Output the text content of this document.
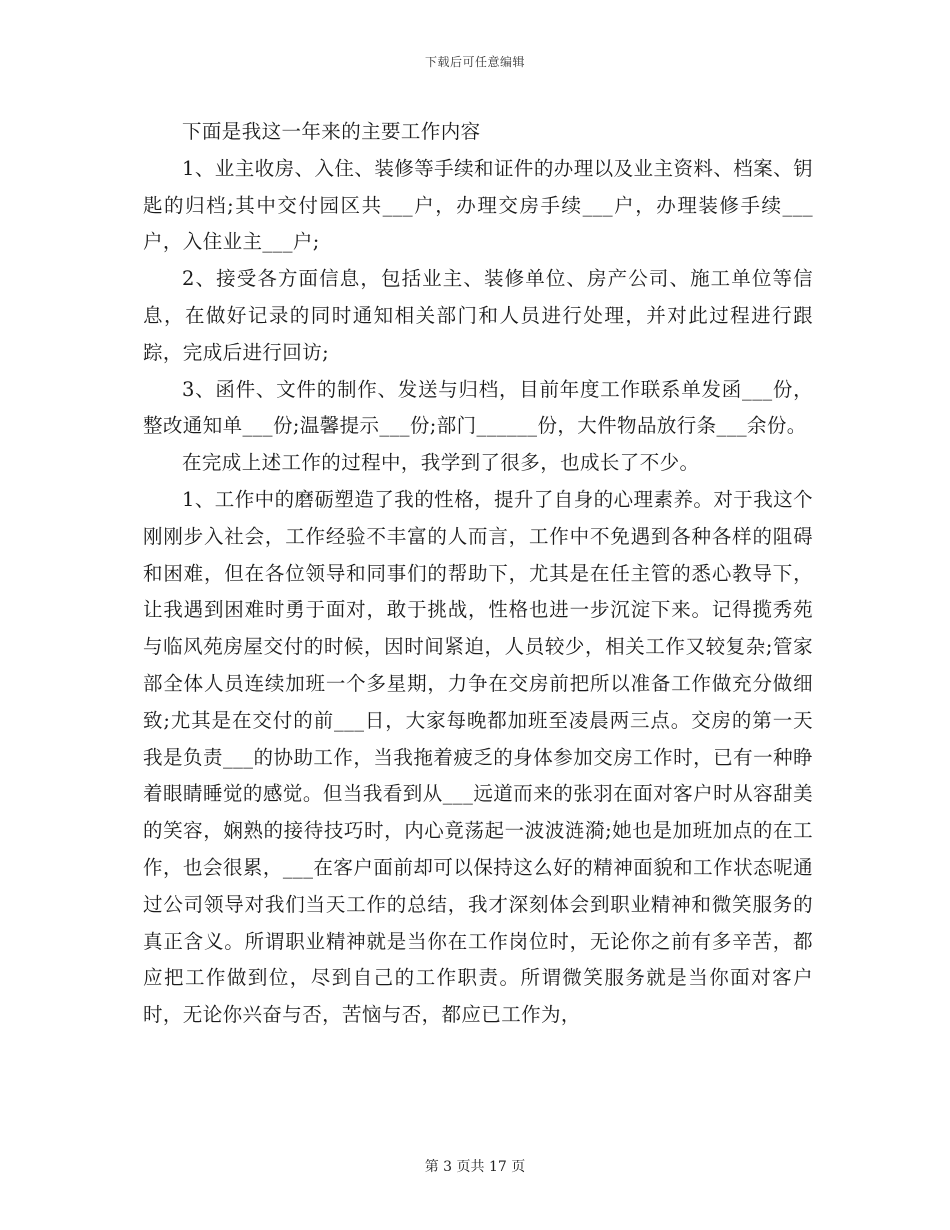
下载后可任意编辑

下面是我这一年来的主要工作内容

1、业主收房、入住、装修等手续和证件的办理以及业主资料、档案、钥匙的归档;其中交付园区共___户，办理交房手续___户，办理装修手续___户，入住业主___户;

2、接受各方面信息，包括业主、装修单位、房产公司、施工单位等信息，在做好记录的同时通知相关部门和人员进行处理，并对此过程进行跟踪，完成后进行回访;

3、函件、文件的制作、发送与归档，目前年度工作联系单发函___份，整改通知单___份;温馨提示___份;部门______份，大件物品放行条___余份。

在完成上述工作的过程中，我学到了很多，也成长了不少。

1、工作中的磨砺塑造了我的性格，提升了自身的心理素养。对于我这个刚刚步入社会，工作经验不丰富的人而言，工作中不免遇到各种各样的阻碍和困难，但在各位领导和同事们的帮助下，尤其是在任主管的悉心教导下，让我遇到困难时勇于面对，敢于挑战，性格也进一步沉淀下来。记得揽秀苑与临风苑房屋交付的时候，因时间紧迫，人员较少，相关工作又较复杂;管家部全体人员连续加班一个多星期，力争在交房前把所以准备工作做充分做细致;尤其是在交付的前___日，大家每晚都加班至凌晨两三点。交房的第一天我是负责___的协助工作，当我拖着疲乏的身体参加交房工作时，已有一种睁着眼睛睡觉的感觉。但当我看到从___远道而来的张羽在面对客户时从容甜美的笑容，娴熟的接待技巧时，内心竟荡起一波波涟漪;她也是加班加点的在工作，也会很累，___在客户面前却可以保持这么好的精神面貌和工作状态呢通过公司领导对我们当天工作的总结，我才深刻体会到职业精神和微笑服务的真正含义。所谓职业精神就是当你在工作岗位时，无论你之前有多辛苦，都应把工作做到位，尽到自己的工作职责。所谓微笑服务就是当你面对客户时，无论你兴奋与否，苦恼与否，都应已工作为，

第 3 页共 17 页
